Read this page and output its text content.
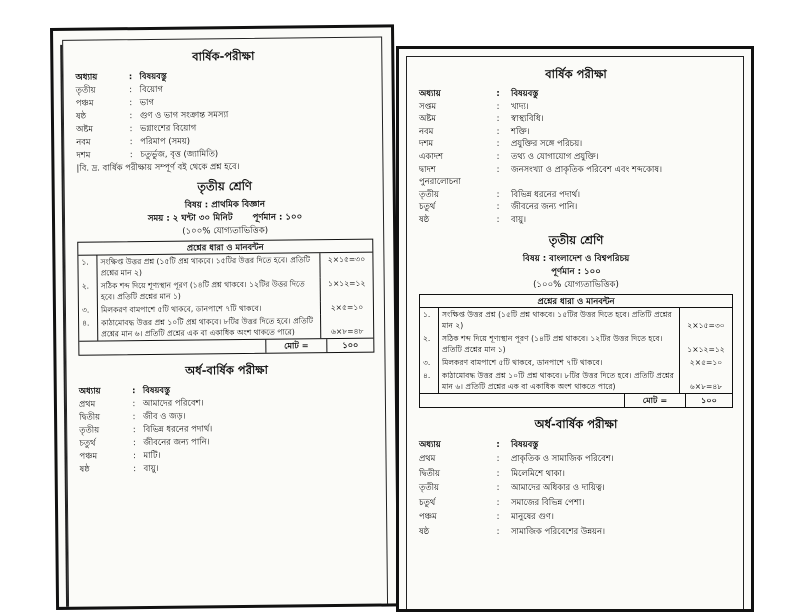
বার্ষিক-পরীক্ষা
অধ্যায়	: বিষয়বস্তু
তৃতীয়	: বিয়োগ
পঞ্চম	: ভাগ
ষষ্ঠ	: গুণ ও ভাগ সংক্রান্ত সমস্যা
অষ্টম	: ভগ্নাংশের বিয়োগ
নবম	: পরিমাপ (সময়)
দশম	: চতুর্ভুজ, বৃত্ত (জ্যামিতি)
|বি. দ্র. বার্ষিক পরীক্ষায় সম্পূর্ণ বই থেকে প্রশ্ন হবে।
তৃতীয় শ্রেণি
বিষয় : প্রাথমিক বিজ্ঞান
সময় : ২ ঘন্টা ৩০ মিনিট পূর্ণমান : ১০০
(১০০% যোগ্যতাভিত্তিক)
প্রশ্নের ধারা ও মানবন্টন
১.	সংক্ষিপ্ত উত্তর প্রশ্ন (১৫টি প্রশ্ন থাকবে। ১৫টির উত্তর দিতে হবে। প্রতিটি প্রশ্নের মান ২)	২×১৫=৩০
২.	সঠিক শব্দ দিয়ে শূণ্যস্থান পূরণ (১৪টি প্রশ্ন থাকবে। ১২টির উত্তর দিতে হবে। প্রতিটি প্রশ্নের মান ১)	১×১২=১২
৩.	মিলকরণ বামপাশে ৫টি থাকবে, ডানপাশে ৭টি থাকবে।	২×৫=১০
৪.	কাঠামোবদ্ধ উত্তর প্রশ্ন ১০টি প্রশ্ন থাকবে। ৮টির উত্তর দিতে হবে। প্রতিটি প্রশ্নের মান ৬। প্রতিটি প্রশ্নের এক বা একাধিক অংশ থাকতে পারে)	৬×৮=৪৮
মোট =	১০০
অর্ধ-বার্ষিক পরীক্ষা
অধ্যায়	: বিষয়বস্তু
প্রথম	: আমাদের পরিবেশ।
দ্বিতীয়	: জীব ও জড়।
তৃতীয়	: বিভিন্ন ধরনের পদার্থ।
চতুর্থ	: জীবনের জন্য পানি।
পঞ্চম	: মাটি।
ষষ্ঠ	: বায়ু।
বার্ষিক পরীক্ষা
অধ্যায়	:	বিষয়বস্তু
সপ্তম	:	খাদ্য।
অষ্টম	:	স্বাস্থ্যবিধি।
নবম	:	শক্তি।
দশম	:	প্রযুক্তির সঙ্গে পরিচয়।
একাদশ	:	তথ্য ও যোগাযোগ প্রযুক্তি।
দ্বাদশ	:	জনসংখ্যা ও প্রাকৃতিক পরিবেশ এবং শব্দকোষ।
পুনরালোচনা
তৃতীয়	:	বিভিন্ন ধরনের পদার্থ।
চতুর্থ	:	জীবনের জন্য পানি।
ষষ্ঠ	:	বায়ু।
তৃতীয় শ্রেণি
বিষয় : বাংলাদেশ ও বিশ্বপরিচয়
পূর্ণমান : ১০০
(১০০% যোগ্যতাভিত্তিক)
প্রশ্নের ধারা ও মানবন্টন
১.	সংক্ষিপ্ত উত্তর প্রশ্ন (১৫টি প্রশ্ন থাকবে। ১৫টির উত্তর দিতে হবে। প্রতিটি প্রশ্নের মান ২)	২×১৫=৩০
২.	সঠিক শব্দ দিয়ে শূণ্যস্থান পূরণ (১৪টি প্রশ্ন থাকবে। ১২টির উত্তর দিতে হবে। প্রতিটি প্রশ্নের মান ১)	১×১২=১২
৩.	মিলকরণ বামপাশে ৫টি থাকবে, ডানপাশে ৭টি থাকবে।	২×৫=১০
৪.	কাঠামোবদ্ধ উত্তর প্রশ্ন ১০টি প্রশ্ন থাকবে। ৮টির উত্তর দিতে হবে। প্রতিটি প্রশ্নের মান ৬। প্রতিটি প্রশ্নের এক বা একাধিক অংশ থাকতে পারে)	৬×৮=৪৮
মোট =	১০০
অর্ধ-বার্ষিক পরীক্ষা
অধ্যায়	:	বিষয়বস্তু
প্রথম	:	প্রাকৃতিক ও সামাজিক পরিবেশ।
দ্বিতীয়	:	মিলেমিশে থাকা।
তৃতীয়	:	আমাদের অধিকার ও দায়িত্ব।
চতুর্থ	:	সমাজের বিভিন্ন পেশা।
পঞ্চম	:	মানুষের গুণ।
ষষ্ঠ	:	সামাজিক পরিবেশের উন্নয়ন।
